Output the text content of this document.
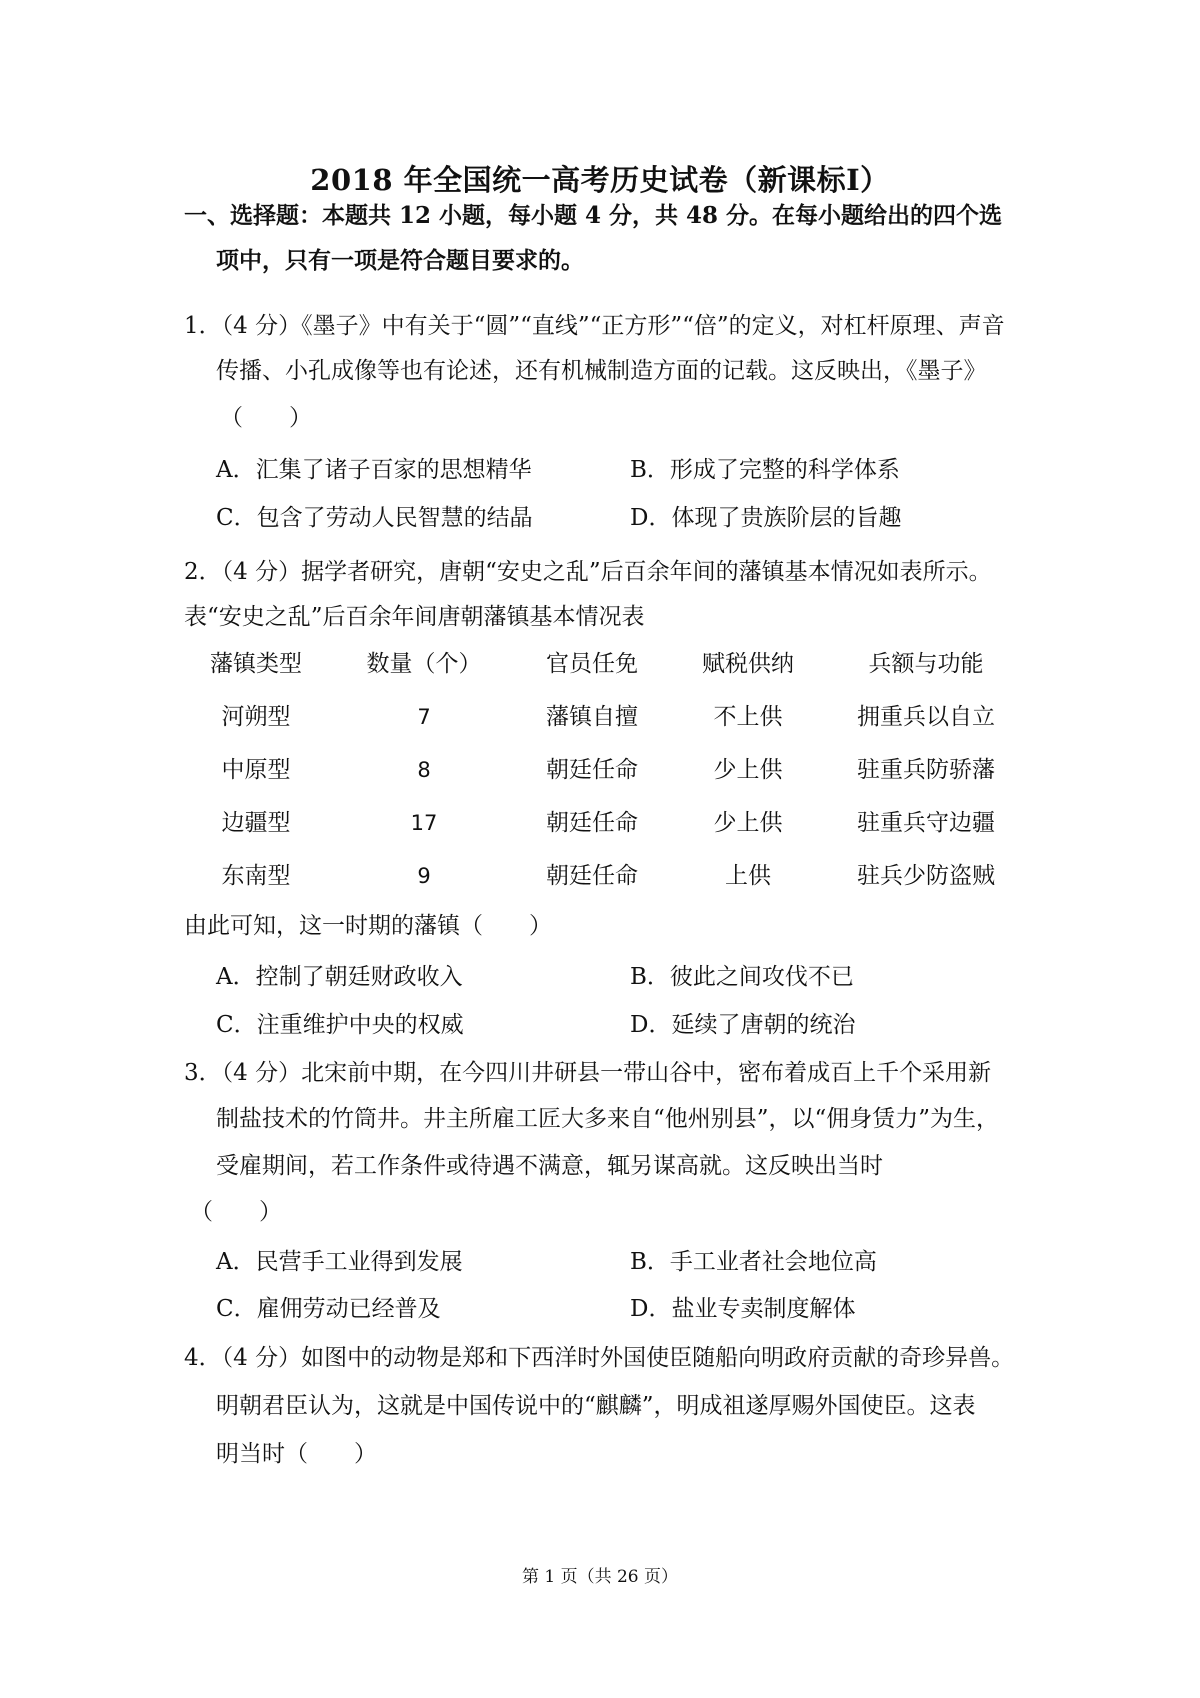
2018 年全国统一高考历史试卷（新课标Ⅰ）
一、选择题：本题共 12 小题，每小题 4 分，共 48 分。在每小题给出的四个选
项中，只有一项是符合题目要求的。
1．（4 分）《墨子》中有关于“圆”“直线”“正方形”“倍”的定义，对杠杆原理、声音
传播、小孔成像等也有论述，还有机械制造方面的记载。这反映出，《墨子》
（　　）
A．汇集了诸子百家的思想精华	B．形成了完整的科学体系
C．包含了劳动人民智慧的结晶	D．体现了贵族阶层的旨趣
2．（4 分）据学者研究，唐朝“安史之乱”后百余年间的藩镇基本情况如表所示。
表“安史之乱”后百余年间唐朝藩镇基本情况表
藩镇类型	数量（个）	官员任免	赋税供纳	兵额与功能
河朔型	7	藩镇自擅	不上供	拥重兵以自立
中原型	8	朝廷任命	少上供	驻重兵防骄藩
边疆型	17	朝廷任命	少上供	驻重兵守边疆
东南型	9	朝廷任命	上供	驻兵少防盗贼
由此可知，这一时期的藩镇（　　）
A．控制了朝廷财政收入	B．彼此之间攻伐不已
C．注重维护中央的权威	D．延续了唐朝的统治
3．（4 分）北宋前中期，在今四川井研县一带山谷中，密布着成百上千个采用新
制盐技术的竹筒井。井主所雇工匠大多来自“他州别县”，以“佣身赁力”为生，
受雇期间，若工作条件或待遇不满意，辄另谋高就。这反映出当时
（　　）
A．民营手工业得到发展	B．手工业者社会地位高
C．雇佣劳动已经普及	D．盐业专卖制度解体
4．（4 分）如图中的动物是郑和下西洋时外国使臣随船向明政府贡献的奇珍异兽。
明朝君臣认为，这就是中国传说中的“麒麟”，明成祖遂厚赐外国使臣。这表
明当时（　　）
第 1 页（共 26 页）
